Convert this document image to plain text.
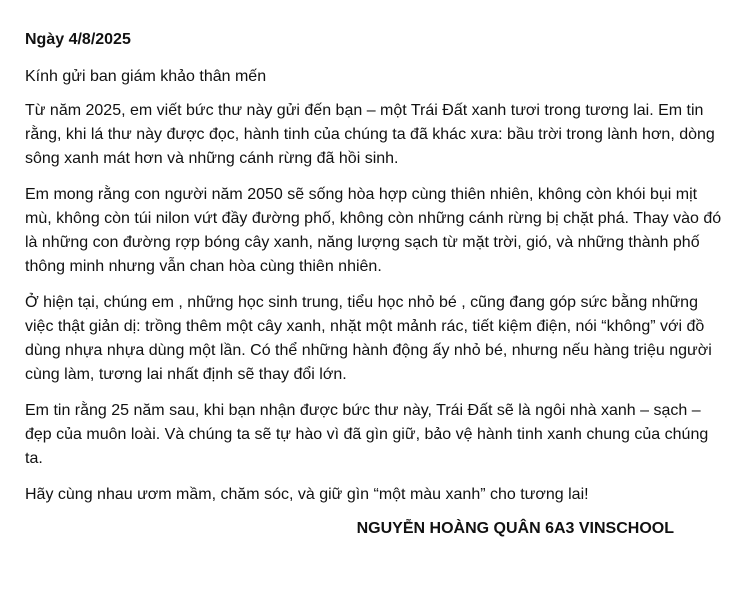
Ngày 4/8/2025
Kính gửi ban giám khảo thân mến
Từ năm 2025, em viết bức thư này gửi đến bạn – một Trái Đất xanh tươi trong tương lai. Em tin rằng, khi lá thư này được đọc, hành tinh của chúng ta đã khác xưa: bầu trời trong lành hơn, dòng sông xanh mát hơn và những cánh rừng đã hồi sinh.
Em mong rằng con người năm 2050 sẽ sống hòa hợp cùng thiên nhiên, không còn khói bụi mịt mù, không còn túi nilon vứt đầy đường phố, không còn những cánh rừng bị chặt phá. Thay vào đó là những con đường rợp bóng cây xanh, năng lượng sạch từ mặt trời, gió, và những thành phố thông minh nhưng vẫn chan hòa cùng thiên nhiên.
Ở hiện tại, chúng em , những học sinh trung, tiểu học nhỏ bé , cũng đang góp sức bằng những việc thật giản dị: trồng thêm một cây xanh, nhặt một mảnh rác, tiết kiệm điện, nói “không” với đồ dùng nhựa nhựa dùng một lần. Có thể những hành động ấy nhỏ bé, nhưng nếu hàng triệu người cùng làm, tương lai nhất định sẽ thay đổi lớn.
Em tin rằng 25 năm sau, khi bạn nhận được bức thư này, Trái Đất sẽ là ngôi nhà xanh – sạch – đẹp của muôn loài. Và chúng ta sẽ tự hào vì đã gìn giữ, bảo vệ hành tinh xanh chung của chúng ta.
Hãy cùng nhau ươm mầm, chăm sóc, và giữ gìn “một màu xanh” cho tương lai!
NGUYỄN HOÀNG QUÂN 6A3 VINSCHOOL
